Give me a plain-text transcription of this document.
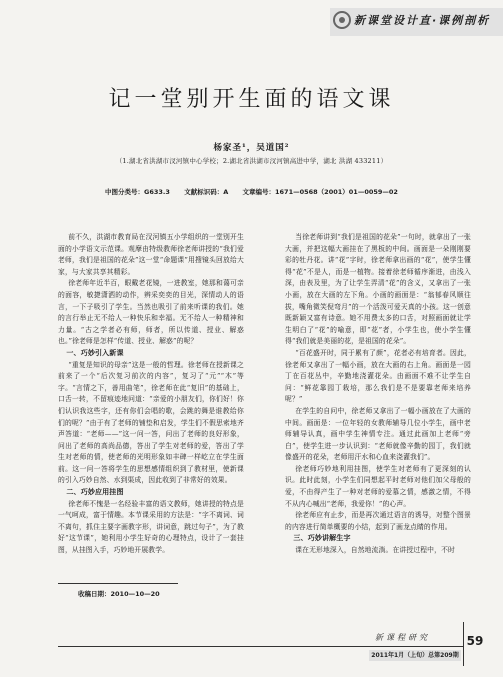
新课堂设计直·课例剖析
记一堂别开生面的语文课
杨家圣¹，吴道国²
（1.湖北省洪湖市汊河镇中心学校；2.湖北省洪湖市汊河镇高进中学，湖北 洪湖 433211）
中图分类号：G633.3 文献标识码：A 文章编号：1671—0568（2001）01—0059—02

前不久，洪湖市教育局在汊河镇五小学组织的一堂别开生面的小学语文示范课。观摩由特级教师徐老师讲授的“我们爱老师，我们是祖国的花朵”这一堂“命题课”用搜镜头回放给大家，与大家共享其精彩。

徐老师年近半百，眼戴老花镜，一进教室，她那和蔼可亲的面容，敏捷潇洒的动作，辨采奕奕的目光，深情动人的语言，一下子吸引了学生。当然也吸引了前来听课的我们。她的言行举止无不给人一种快乐和幸福。无不给人一种精神和力量。“古之学者必有师，师者，所以传道、授业、解惑也。”徐老师是怎样“传道、授业、解惑”的呢？

一、巧妙引入新课

“重复是知识的母亲”这是一般的哲理。徐老师在授新课之前来了一个“后次复习前次的内容”，复习了“元”“木”等字。“言情之下，善用曲笔”，徐老师在此“复旧”的基础上，口舌一转，不留痕迹地问道：“亲爱的小朋友们，你们好！你们认识我这些字，还有你们会唱的歌，会跳的舞是谁教给你们的呢？”由于有了老师的铺垫和启发，学生们不假思索地齐声答道：“老师——”这一问一答，问出了老师的良好形象，问出了老师的高尚品德，答出了学生对老师的爱，答出了学生对老师的情，使老师的光明形象如丰碑一样屹立在学生面前。这一问一答将学生的思想感情组织到了教材里，使新课的引入巧妙自然、水到渠成，因此收到了非常好的效果。

二、巧妙应用挂图

徐老师不愧是一名经验丰富的语文教师，她讲授的特点是一气呵成，富于情趣。本节课采用的方法是：“字不离词、词不离句，抓住主要字画教字形，讲词意，跳过句子”，为了教好“这节课”，她利用小学生好奇的心理特点，设计了一套挂图，从挂图入手，巧妙地开展教学。

当徐老师讲到“我们是祖国的花朵”一句时，就拿出了一张大画，并把这幅大画挂在了黑板的中间。画面是一朵刚刚要彩的牡丹花。讲“花”字时，徐老师拿出画的“花”，使学生懂得“花”不是人，而是一植物。接着徐老师循序渐进，由浅入深，由表及里，为了让学生弄清“花”的含义，又拿出了一张小画，放在大画的左下角。小画的画面是：“翁郁春风顺往拔，嘴角微笑倪弯月”的一个活泼可爱天真的小孩。这一创意既新颖又富有诗意。她不用费太多的口舌，对照画面就让学生明白了“花”的喻意，即“花”者，小学生也，使小学生懂得“我们就是美丽的花，是祖国的花朵”。

“百花盛开时，同于累有了颜”，花者必有培育者。因此，徐老师又拿出了一幅小画，放在大画的右上角。画面是一园丁在百花丛中，辛勤地浇灌花朵。由画面不难不让学生自问：“鲜花靠园丁栽培，那么我们是不是要靠老师来培养呢？”

在学生的自问中，徐老师又拿出了一幅小画放在了大画的中间。画面是：一位年轻的女教师辅导几位小学生，画中老师辅导认真，画中学生神情专注。通过此画加上老师“旁白”，使学生进一步认识到：“老师就像辛勤的园丁，我们就像盛开的花朵，老师用汗水和心血来浇灌我们”。

徐老师巧妙地利用挂图，使学生对老师有了更深刻的认识。此时此刻，小学生们同想起平时老师对他们加父母般的爱，不由得产生了一种对老师的爱慕之情，感激之情，不得不从内心喊出“老师，我爱你！”的心声。

徐老师应有止步，而是再次通过语言的诱导，对整个图景的内容进行简单概要的小结，起到了画龙点睛的作用。

三、巧妙讲解生字

课在无形地深入，自然地流淌。在讲授过程中，不时

收稿日期：2010—10—20
新课程研究
2011年1月（上旬）总第209期
59
